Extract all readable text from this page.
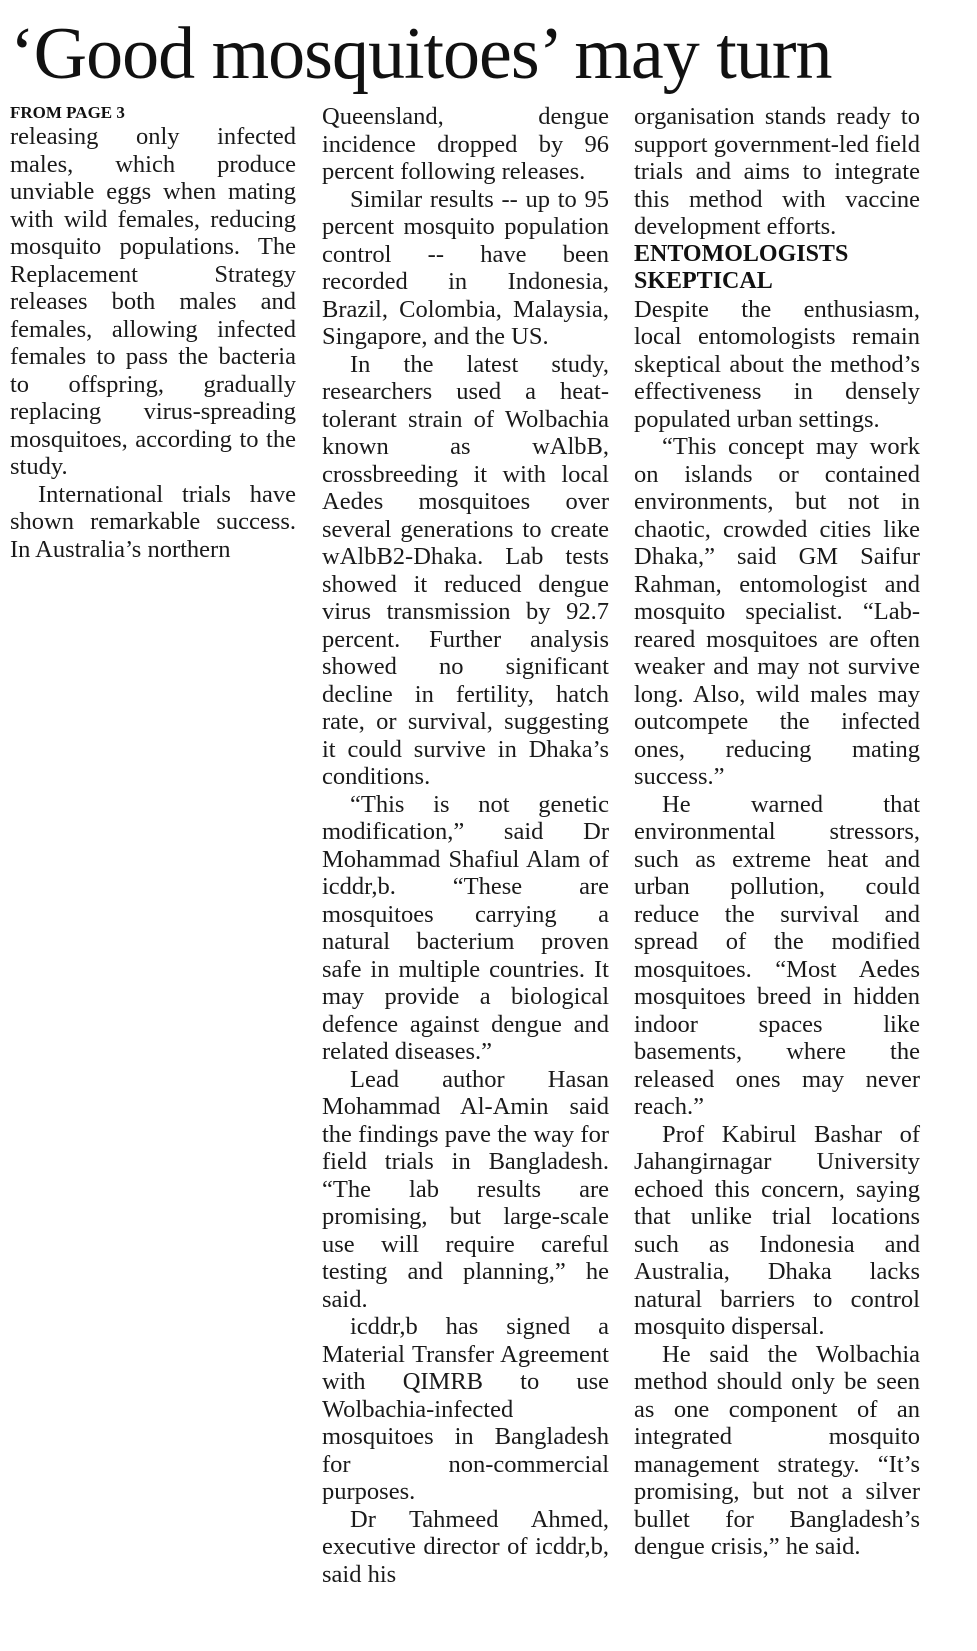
‘Good mosquitoes’ may turn
FROM PAGE 3

releasing only infected males, which produce unviable eggs when mating with wild females, reducing mosquito populations. The Replacement Strategy releases both males and females, allowing infected females to pass the bacteria to offspring, gradually replacing virus-spreading mosquitoes, according to the study.

International trials have shown remarkable success. In Australia’s northern

Queensland, dengue incidence dropped by 96 percent following releases.

Similar results -- up to 95 percent mosquito population control -- have been recorded in Indonesia, Brazil, Colombia, Malaysia, Singapore, and the US.

In the latest study, researchers used a heat-tolerant strain of Wolbachia known as wAlbB, crossbreeding it with local Aedes mosquitoes over several generations to create wAlbB2-Dhaka. Lab tests showed it reduced dengue virus transmission by 92.7 percent. Further analysis showed no significant decline in fertility, hatch rate, or survival, suggesting it could survive in Dhaka’s conditions.

“This is not genetic modification,” said Dr Mohammad Shafiul Alam of icddr,b. “These are mosquitoes carrying a natural bacterium proven safe in multiple countries. It may provide a biological defence against dengue and related diseases.”

Lead author Hasan Mohammad Al-Amin said the findings pave the way for field trials in Bangladesh. “The lab results are promising, but large-scale use will require careful testing and planning,” he said.

icddr,b has signed a Material Transfer Agreement with QIMRB to use Wolbachia-infected mosquitoes in Bangladesh for non-commercial purposes.

Dr Tahmeed Ahmed, executive director of icddr,b, said his

organisation stands ready to support government-led field trials and aims to integrate this method with vaccine development efforts.

ENTOMOLOGISTS SKEPTICAL

Despite the enthusiasm, local entomologists remain skeptical about the method’s effectiveness in densely populated urban settings.

“This concept may work on islands or contained environments, but not in chaotic, crowded cities like Dhaka,” said GM Saifur Rahman, entomologist and mosquito specialist. “Lab-reared mosquitoes are often weaker and may not survive long. Also, wild males may outcompete the infected ones, reducing mating success.”

He warned that environmental stressors, such as extreme heat and urban pollution, could reduce the survival and spread of the modified mosquitoes. “Most Aedes mosquitoes breed in hidden indoor spaces like basements, where the released ones may never reach.”

Prof Kabirul Bashar of Jahangirnagar University echoed this concern, saying that unlike trial locations such as Indonesia and Australia, Dhaka lacks natural barriers to control mosquito dispersal.

He said the Wolbachia method should only be seen as one component of an integrated mosquito management strategy. “It’s promising, but not a silver bullet for Bangladesh’s dengue crisis,” he said.
